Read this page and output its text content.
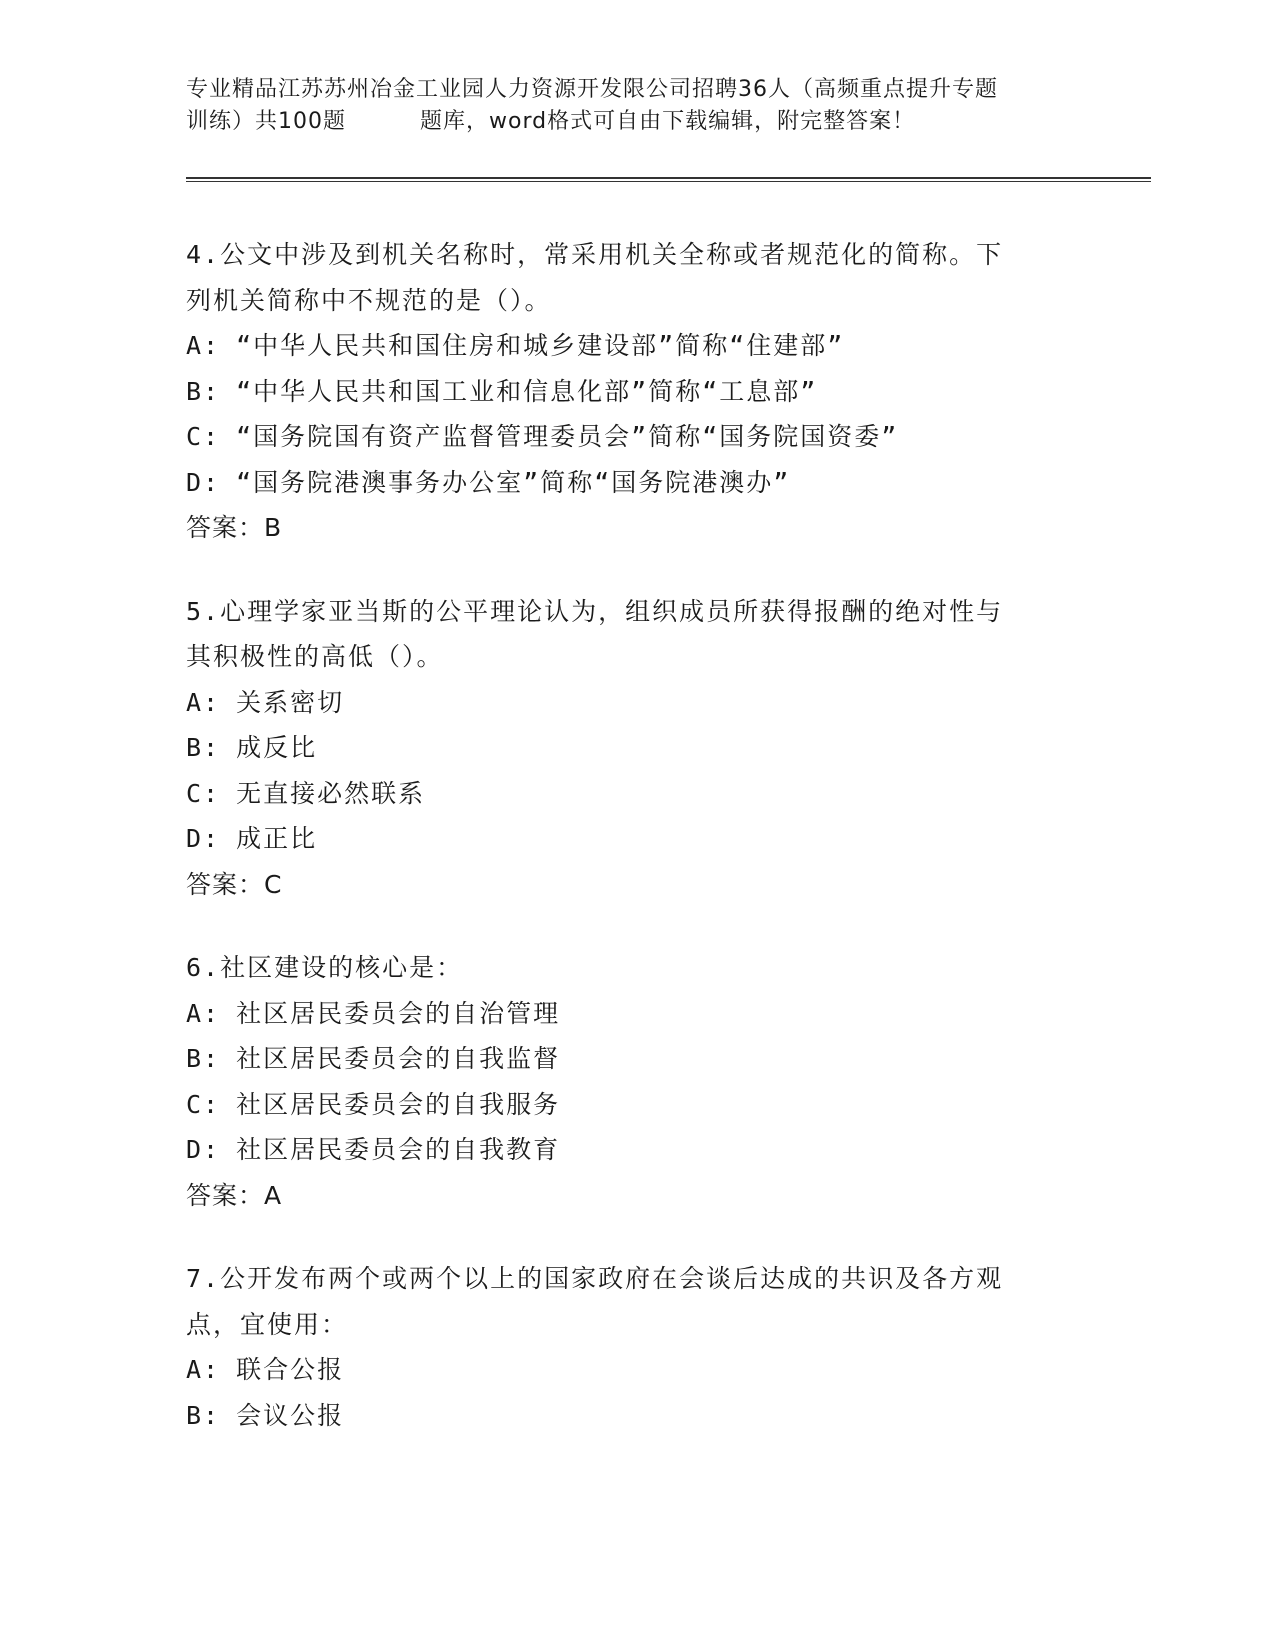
专业精品江苏苏州冶金工业园人力资源开发限公司招聘36人（高频重点提升专题
训练）共100题	题库，word格式可自由下载编辑，附完整答案！
4.公文中涉及到机关名称时，常采用机关全称或者规范化的简称。下
列机关简称中不规范的是（）。
A: “中华人民共和国住房和城乡建设部”简称“住建部”
B: “中华人民共和国工业和信息化部”简称“工息部”
C: “国务院国有资产监督管理委员会”简称“国务院国资委”
D: “国务院港澳事务办公室”简称“国务院港澳办”
答案：B
5.心理学家亚当斯的公平理论认为，组织成员所获得报酬的绝对性与
其积极性的高低（）。
A: 关系密切
B: 成反比
C: 无直接必然联系
D: 成正比
答案：C
6.社区建设的核心是：
A: 社区居民委员会的自治管理
B: 社区居民委员会的自我监督
C: 社区居民委员会的自我服务
D: 社区居民委员会的自我教育
答案：A
7.公开发布两个或两个以上的国家政府在会谈后达成的共识及各方观
点，宜使用：
A: 联合公报
B: 会议公报
